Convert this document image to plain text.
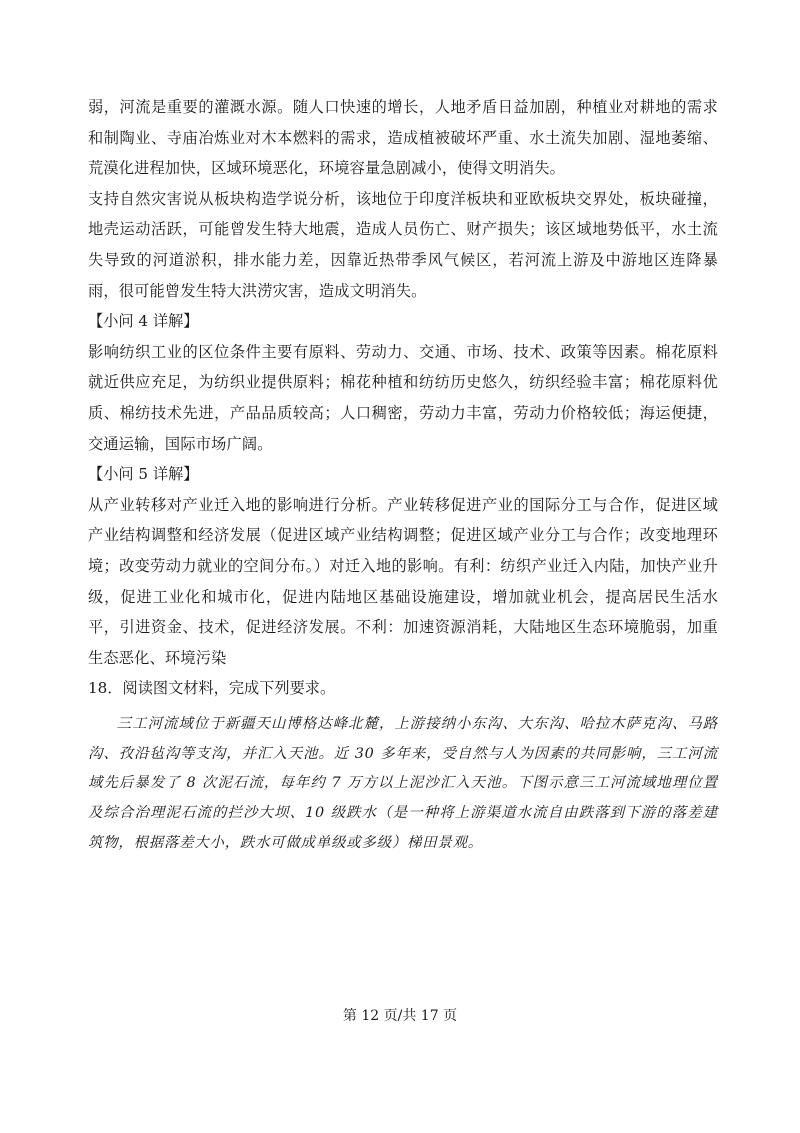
弱，河流是重要的灌溉水源。随人口快速的增长，人地矛盾日益加剧，种植业对耕地的需求和制陶业、寺庙冶炼业对木本燃料的需求，造成植被破坏严重、水土流失加剧、湿地萎缩、荒漠化进程加快，区域环境恶化，环境容量急剧减小，使得文明消失。

支持自然灾害说从板块构造学说分析，该地位于印度洋板块和亚欧板块交界处，板块碰撞，地壳运动活跃，可能曾发生特大地震，造成人员伤亡、财产损失；该区域地势低平，水土流失导致的河道淤积，排水能力差，因靠近热带季风气候区，若河流上游及中游地区连降暴雨，很可能曾发生特大洪涝灾害，造成文明消失。

【小问 4 详解】

影响纺织工业的区位条件主要有原料、劳动力、交通、市场、技术、政策等因素。棉花原料就近供应充足，为纺织业提供原料；棉花种植和纺纺历史悠久，纺织经验丰富；棉花原料优质、棉纺技术先进，产品品质较高；人口稠密，劳动力丰富，劳动力价格较低；海运便捷，交通运输，国际市场广阔。

【小问 5 详解】

从产业转移对产业迁入地的影响进行分析。产业转移促进产业的国际分工与合作，促进区域产业结构调整和经济发展（促进区域产业结构调整；促进区域产业分工与合作；改变地理环境；改变劳动力就业的空间分布。）对迁入地的影响。有利：纺织产业迁入内陆，加快产业升级，促进工业化和城市化，促进内陆地区基础设施建设，增加就业机会，提高居民生活水平，引进资金、技术，促进经济发展。不利：加速资源消耗，大陆地区生态环境脆弱，加重生态恶化、环境污染

18．阅读图文材料，完成下列要求。

三工河流域位于新疆天山博格达峰北麓，上游接纳小东沟、大东沟、哈拉木萨克沟、马路沟、孜沿毡沟等支沟，并汇入天池。近 30 多年来，受自然与人为因素的共同影响，三工河流域先后暴发了 8 次泥石流，每年约 7 万方以上泥沙汇入天池。下图示意三工河流域地理位置及综合治理泥石流的拦沙大坝、10 级跌水（是一种将上游渠道水流自由跌落到下游的落差建筑物，根据落差大小，跌水可做成单级或多级）梯田景观。

第 12 页/共 17 页
